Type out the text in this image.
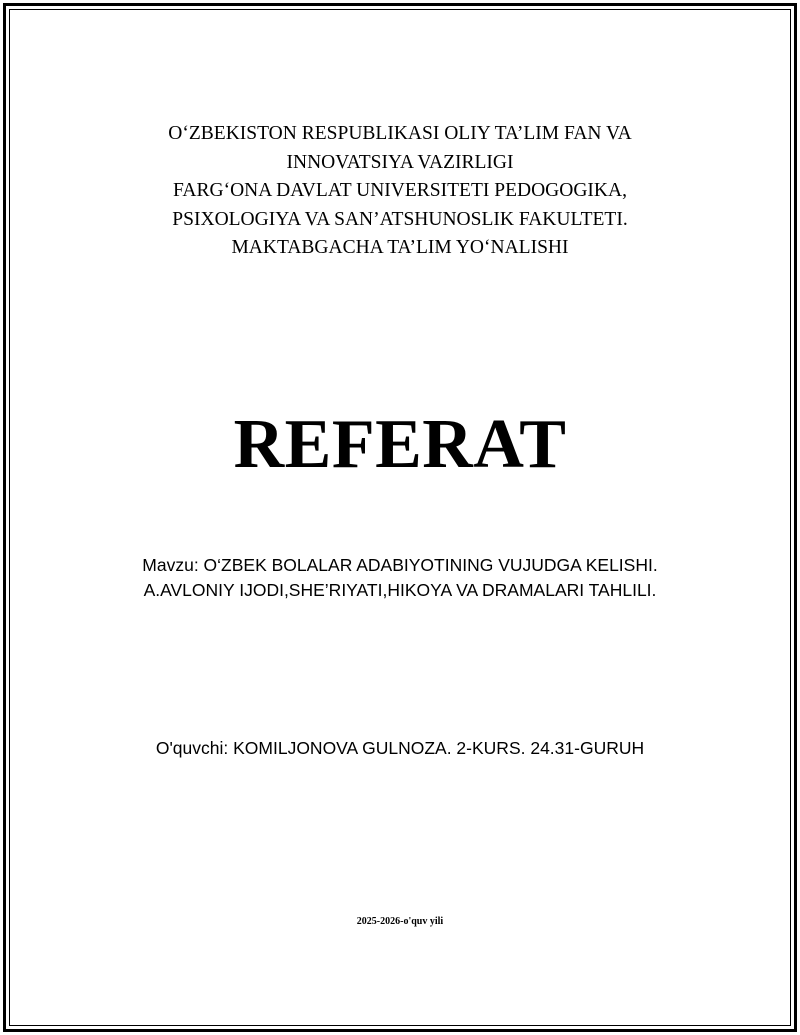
O‘ZBEKISTON RESPUBLIKASI OLIY TA’LIM FAN VA
INNOVATSIYA VAZIRLIGI
FARG‘ONA DAVLAT UNIVERSITETI PEDOGOGIKA,
PSIXOLOGIYA VA SAN’ATSHUNOSLIK FAKULTETI.
MAKTABGACHA TA’LIM YO‘NALISHI
REFERAT
Mavzu: O‘ZBEK BOLALAR ADABIYOTINING VUJUDGA KELISHI.
A.AVLONIY IJODI,SHE’RIYATI,HIKOYA VA DRAMALARI TAHLILI.
O'quvchi: KOMILJONOVA GULNOZA. 2-KURS. 24.31-GURUH
2025-2026-o'quv yili
